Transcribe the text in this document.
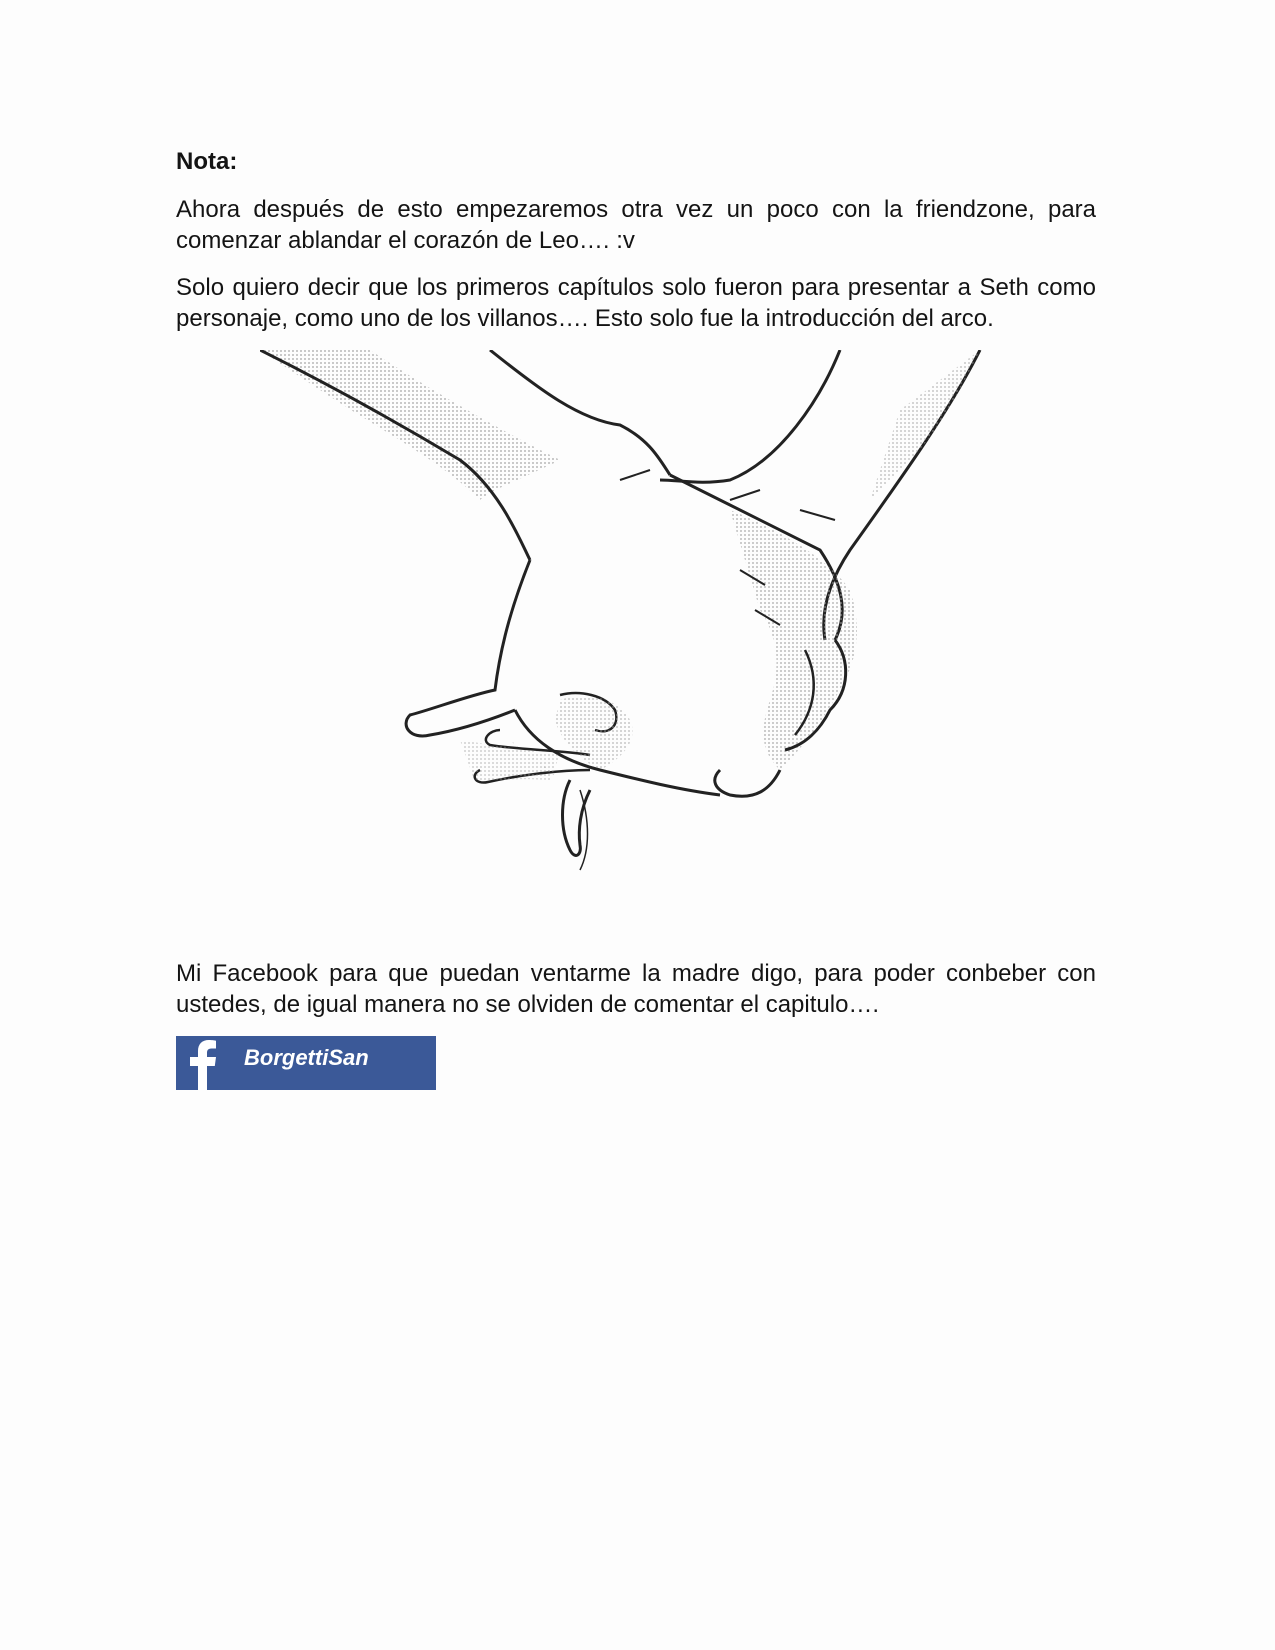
Nota:

Ahora después de esto empezaremos otra vez un poco con la friendzone, para comenzar ablandar el corazón de Leo…. :v

Solo quiero decir que los primeros capítulos solo fueron para presentar a Seth como personaje, como uno de los villanos…. Esto solo fue la introducción del arco.

Mi Facebook para que puedan ventarme la madre digo, para poder conbeber con ustedes, de igual manera no se olviden de comentar el capitulo….

BorgettiSan
